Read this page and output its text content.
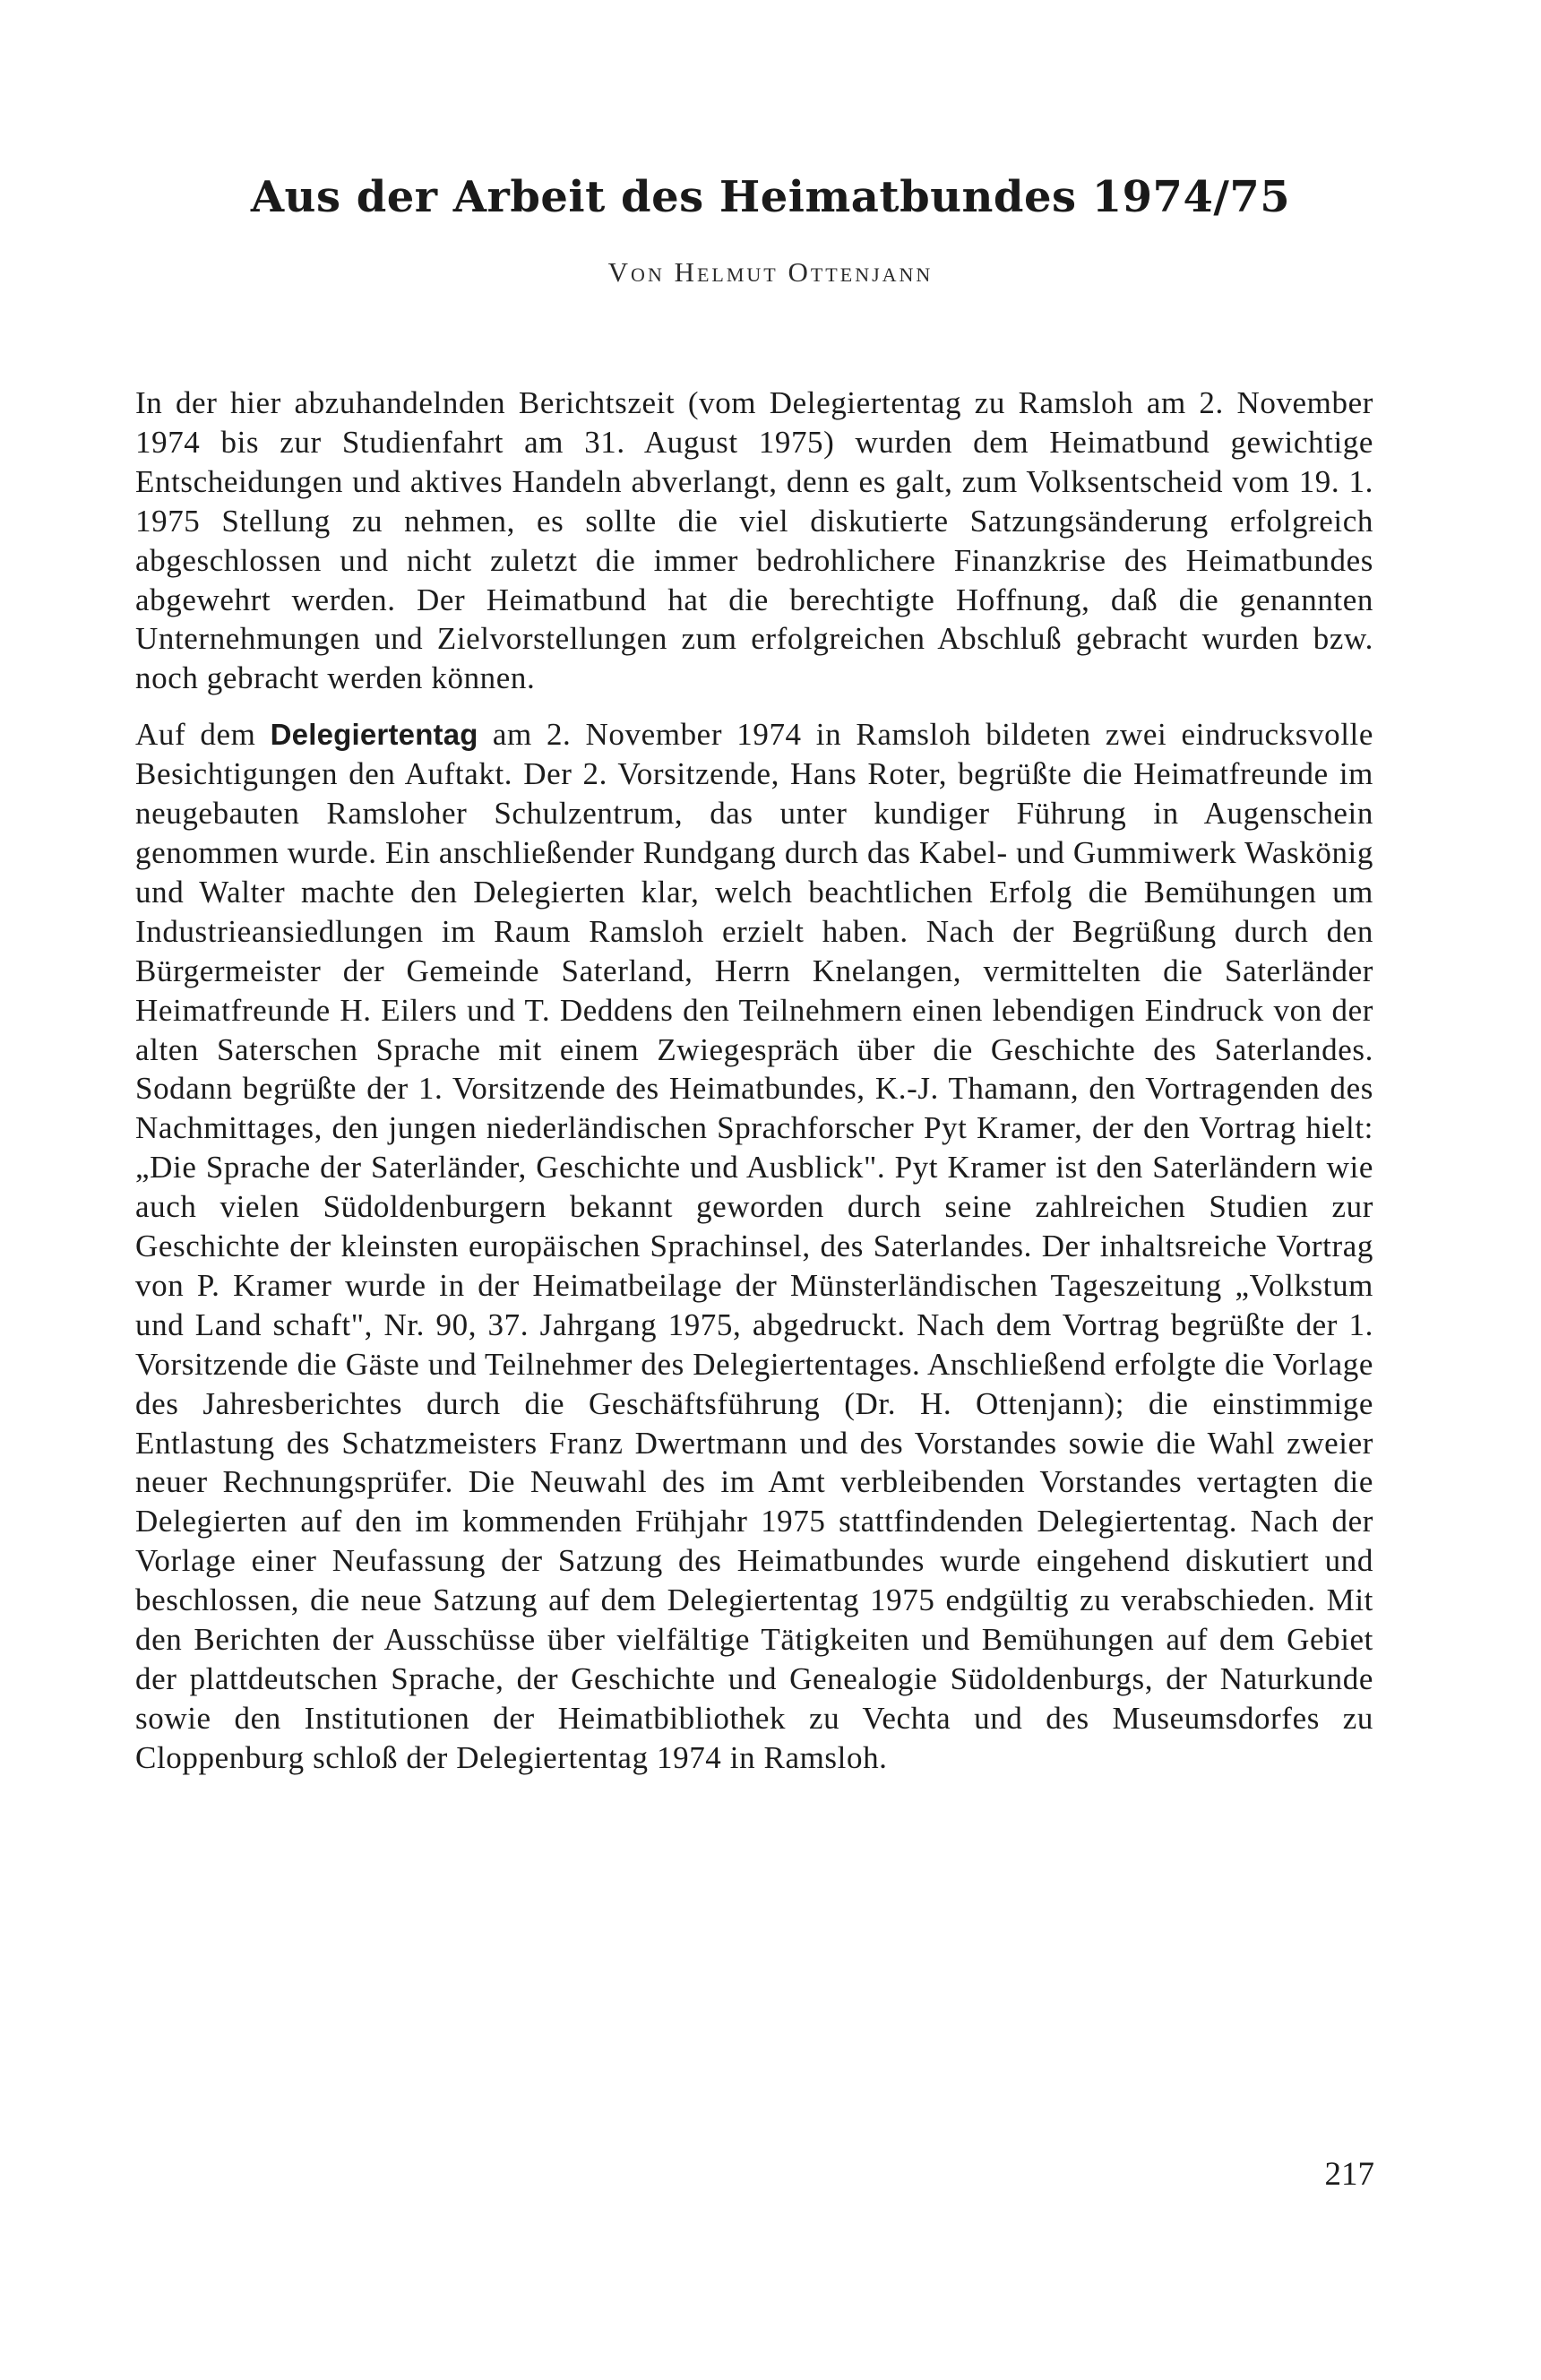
Aus der Arbeit des Heimatbundes 1974/75
Von Helmut Ottenjann

In der hier abzuhandelnden Berichtszeit (vom Delegiertentag zu Ramsloh am 2. November 1974 bis zur Studienfahrt am 31. August 1975) wurden dem Heimatbund gewichtige Entscheidungen und aktives Handeln abverlangt, denn es galt, zum Volksentscheid vom 19. 1. 1975 Stellung zu nehmen, es sollte die viel diskutierte Satzungsänderung erfolgreich abgeschlossen und nicht zuletzt die immer bedrohlichere Finanzkrise des Heimatbundes abgewehrt werden. Der Heimatbund hat die berechtigte Hoffnung, daß die genannten Unternehmungen und Zielvorstellungen zum erfolgreichen Abschluß gebracht wurden bzw. noch gebracht werden können.

Auf dem Delegiertentag am 2. November 1974 in Ramsloh bildeten zwei eindrucksvolle Besichtigungen den Auftakt. Der 2. Vorsitzende, Hans Roter, begrüßte die Heimatfreunde im neugebauten Ramsloher Schulzentrum, das unter kundiger Führung in Augenschein genommen wurde. Ein anschließender Rundgang durch das Kabel- und Gummiwerk Waskönig und Walter machte den Delegierten klar, welch beachtlichen Erfolg die Bemühungen um Industrieansiedlungen im Raum Ramsloh erzielt haben. Nach der Begrüßung durch den Bürgermeister der Gemeinde Saterland, Herrn Knelangen, vermittelten die Saterländer Heimatfreunde H. Eilers und T. Deddens den Teilnehmern einen lebendigen Eindruck von der alten Saterschen Sprache mit einem Zwiegespräch über die Geschichte des Saterlandes. Sodann begrüßte der 1. Vorsitzende des Heimatbundes, K.-J. Thamann, den Vortragenden des Nachmittages, den jungen niederländischen Sprachforscher Pyt Kramer, der den Vortrag hielt: „Die Sprache der Saterländer, Geschichte und Ausblick". Pyt Kramer ist den Saterländern wie auch vielen Südoldenburgern bekannt geworden durch seine zahlreichen Studien zur Geschichte der kleinsten europäischen Sprachinsel, des Saterlandes. Der inhaltsreiche Vortrag von P. Kramer wurde in der Heimatbeilage der Münsterländischen Tageszeitung „Volkstum und Land schaft", Nr. 90, 37. Jahrgang 1975, abgedruckt. Nach dem Vortrag begrüßte der 1. Vorsitzende die Gäste und Teilnehmer des Delegiertentages. Anschließend erfolgte die Vorlage des Jahresberichtes durch die Geschäftsführung (Dr. H. Ottenjann); die einstimmige Entlastung des Schatzmeisters Franz Dwertmann und des Vorstandes sowie die Wahl zweier neuer Rechnungsprüfer. Die Neuwahl des im Amt verbleibenden Vorstandes vertagten die Delegierten auf den im kommenden Frühjahr 1975 stattfindenden Delegiertentag. Nach der Vorlage einer Neufassung der Satzung des Heimatbundes wurde eingehend diskutiert und beschlossen, die neue Satzung auf dem Delegiertentag 1975 endgültig zu verabschieden. Mit den Berichten der Ausschüsse über vielfältige Tätigkeiten und Bemühungen auf dem Gebiet der plattdeutschen Sprache, der Geschichte und Genealogie Südoldenburgs, der Naturkunde sowie den Institutionen der Heimatbibliothek zu Vechta und des Museumsdorfes zu Cloppenburg schloß der Delegiertentag 1974 in Ramsloh.

217
